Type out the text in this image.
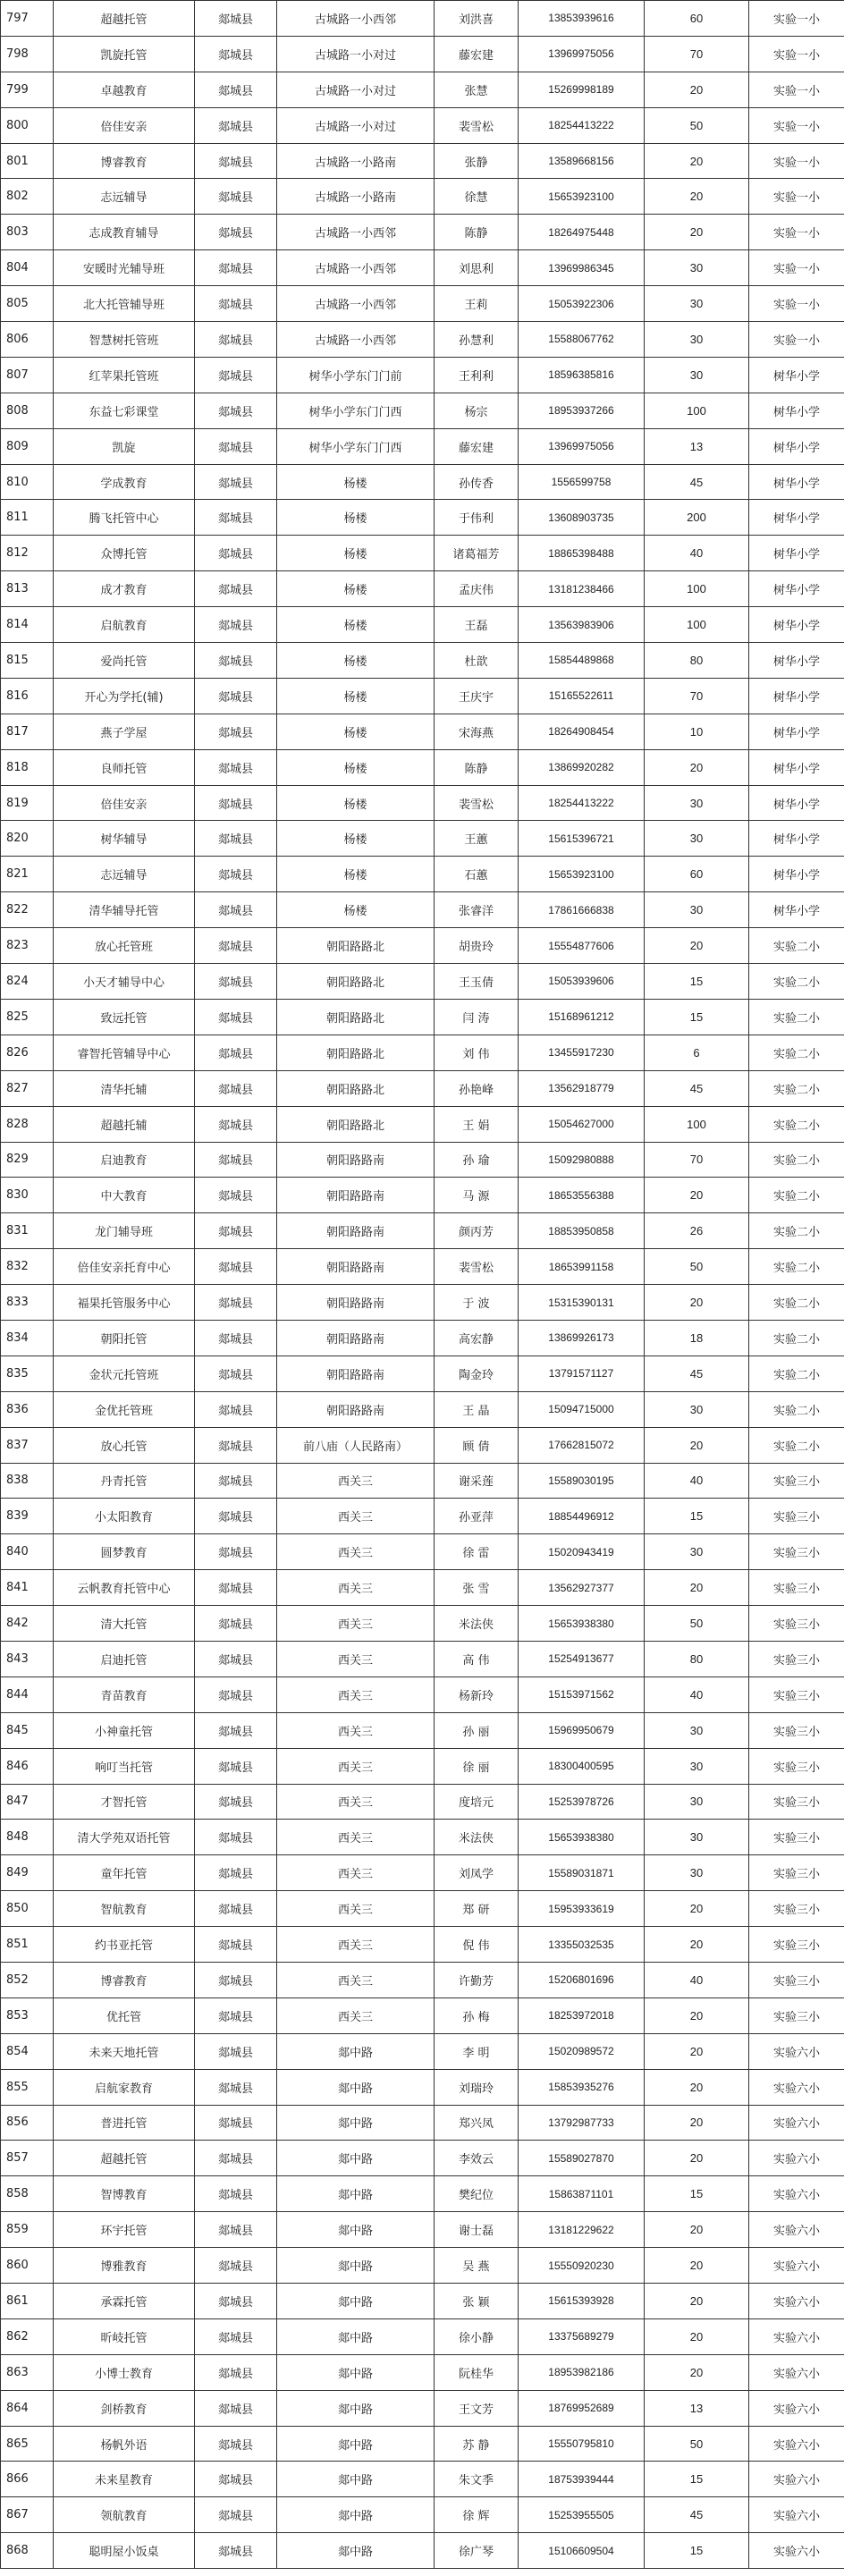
797	超越托管	郯城县	古城路一小西邻	刘洪喜	13853939616	60	实验一小
798	凯旋托管	郯城县	古城路一小对过	藤宏建	13969975056	70	实验一小
799	卓越教育	郯城县	古城路一小对过	张慧	15269998189	20	实验一小
800	倍佳安亲	郯城县	古城路一小对过	裴雪松	18254413222	50	实验一小
801	博睿教育	郯城县	古城路一小路南	张静	13589668156	20	实验一小
802	志远辅导	郯城县	古城路一小路南	徐慧	15653923100	20	实验一小
803	志成教育辅导	郯城县	古城路一小西邻	陈静	18264975448	20	实验一小
804	安暖时光辅导班	郯城县	古城路一小西邻	刘思利	13969986345	30	实验一小
805	北大托管辅导班	郯城县	古城路一小西邻	王莉	15053922306	30	实验一小
806	智慧树托管班	郯城县	古城路一小西邻	孙慧利	15588067762	30	实验一小
807	红苹果托管班	郯城县	树华小学东门门前	王利利	18596385816	30	树华小学
808	东益七彩课堂	郯城县	树华小学东门门西	杨宗	18953937266	100	树华小学
809	凯旋	郯城县	树华小学东门门西	藤宏建	13969975056	13	树华小学
810	学成教育	郯城县	杨楼	孙传香	1556599758	45	树华小学
811	腾飞托管中心	郯城县	杨楼	于伟利	13608903735	200	树华小学
812	众博托管	郯城县	杨楼	诸葛福芳	18865398488	40	树华小学
813	成才教育	郯城县	杨楼	孟庆伟	13181238466	100	树华小学
814	启航教育	郯城县	杨楼	王磊	13563983906	100	树华小学
815	爱尚托管	郯城县	杨楼	杜歆	15854489868	80	树华小学
816	开心为学托(辅)	郯城县	杨楼	王庆宇	15165522611	70	树华小学
817	燕子学屋	郯城县	杨楼	宋海燕	18264908454	10	树华小学
818	良师托管	郯城县	杨楼	陈静	13869920282	20	树华小学
819	倍佳安亲	郯城县	杨楼	裴雪松	18254413222	30	树华小学
820	树华辅导	郯城县	杨楼	王蕙	15615396721	30	树华小学
821	志远辅导	郯城县	杨楼	石蕙	15653923100	60	树华小学
822	清华辅导托管	郯城县	杨楼	张睿洋	17861666838	30	树华小学
823	放心托管班	郯城县	朝阳路路北	胡贵玲	15554877606	20	实验二小
824	小天才辅导中心	郯城县	朝阳路路北	王玉倩	15053939606	15	实验二小
825	致远托管	郯城县	朝阳路路北	闫 涛	15168961212	15	实验二小
826	睿智托管辅导中心	郯城县	朝阳路路北	刘 伟	13455917230	6	实验二小
827	清华托辅	郯城县	朝阳路路北	孙艳峰	13562918779	45	实验二小
828	超越托辅	郯城县	朝阳路路北	王 娟	15054627000	100	实验二小
829	启迪教育	郯城县	朝阳路路南	孙 瑜	15092980888	70	实验二小
830	中大教育	郯城县	朝阳路路南	马 源	18653556388	20	实验二小
831	龙门辅导班	郯城县	朝阳路路南	颜丙芳	18853950858	26	实验二小
832	倍佳安亲托育中心	郯城县	朝阳路路南	裴雪松	18653991158	50	实验二小
833	褔果托管服务中心	郯城县	朝阳路路南	于 波	15315390131	20	实验二小
834	朝阳托管	郯城县	朝阳路路南	高宏静	13869926173	18	实验二小
835	金状元托管班	郯城县	朝阳路路南	陶金玲	13791571127	45	实验二小
836	金优托管班	郯城县	朝阳路路南	王 晶	15094715000	30	实验二小
837	放心托管	郯城县	前八庙（人民路南）	顾 倩	17662815072	20	实验二小
838	丹青托管	郯城县	西关三	谢采莲	15589030195	40	实验三小
839	小太阳教育	郯城县	西关三	孙亚萍	18854496912	15	实验三小
840	圆梦教育	郯城县	西关三	徐 雷	15020943419	30	实验三小
841	云帆教育托管中心	郯城县	西关三	张 雪	13562927377	20	实验三小
842	清大托管	郯城县	西关三	米法侠	15653938380	50	实验三小
843	启迪托管	郯城县	西关三	高 伟	15254913677	80	实验三小
844	青苗教育	郯城县	西关三	杨新玲	15153971562	40	实验三小
845	小神童托管	郯城县	西关三	孙 丽	15969950679	30	实验三小
846	响叮当托管	郯城县	西关三	徐 丽	18300400595	30	实验三小
847	才智托管	郯城县	西关三	度培元	15253978726	30	实验三小
848	清大学苑双语托管	郯城县	西关三	米法侠	15653938380	30	实验三小
849	童年托管	郯城县	西关三	刘凤学	15589031871	30	实验三小
850	智航教育	郯城县	西关三	郑 研	15953933619	20	实验三小
851	约书亚托管	郯城县	西关三	倪 伟	13355032535	20	实验三小
852	博睿教育	郯城县	西关三	许勤芳	15206801696	40	实验三小
853	优托管	郯城县	西关三	孙 梅	18253972018	20	实验三小
854	未来天地托管	郯城县	郯中路	李 明	15020989572	20	实验六小
855	启航家教育	郯城县	郯中路	刘瑞玲	15853935276	20	实验六小
856	普进托管	郯城县	郯中路	郑兴凤	13792987733	20	实验六小
857	超越托管	郯城县	郯中路	李效云	15589027870	20	实验六小
858	智博教育	郯城县	郯中路	樊纪位	15863871101	15	实验六小
859	环宇托管	郯城县	郯中路	谢士磊	13181229622	20	实验六小
860	博雅教育	郯城县	郯中路	吴 燕	15550920230	20	实验六小
861	承霖托管	郯城县	郯中路	张 颖	15615393928	20	实验六小
862	昕岐托管	郯城县	郯中路	徐小静	13375689279	20	实验六小
863	小博士教育	郯城县	郯中路	阮桂华	18953982186	20	实验六小
864	剑桥教育	郯城县	郯中路	王文芳	18769952689	13	实验六小
865	杨帆外语	郯城县	郯中路	苏 静	15550795810	50	实验六小
866	未来星教育	郯城县	郯中路	朱文季	18753939444	15	实验六小
867	领航教育	郯城县	郯中路	徐 辉	15253955505	45	实验六小
868	聪明屋小饭桌	郯城县	郯中路	徐广琴	15106609504	15	实验六小
